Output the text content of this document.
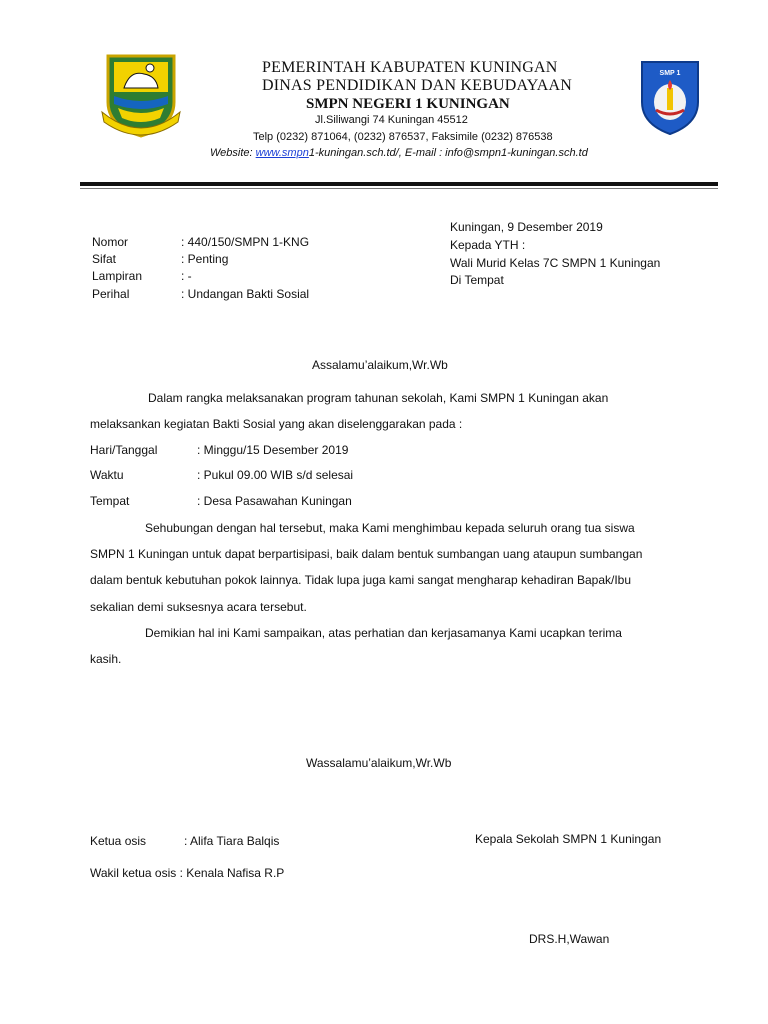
SMP 1
PEMERINTAH KABUPATEN KUNINGAN
DINAS PENDIDIKAN DAN KEBUDAYAAN
SMPN NEGERI 1 KUNINGAN
Jl.Siliwangi 74 Kuningan 45512
Telp (0232) 871064, (0232) 876537, Faksimile (0232) 876538
Website: www.smpn1-kuningan.sch.td/, E-mail : info@smpn1-kuningan.sch.td
Nomor	: 440/150/SMPN 1-KNG
Sifat	: Penting
Lampiran	: -
Perihal	: Undangan Bakti Sosial
Kuningan, 9 Desember 2019
Kepada YTH :
Wali Murid Kelas 7C SMPN 1 Kuningan
Di Tempat
Assalamu’alaikum,Wr.Wb
Dalam rangka melaksanakan program tahunan sekolah, Kami SMPN 1 Kuningan akan
melaksankan kegiatan Bakti Sosial yang akan diselenggarakan pada :
Hari/Tanggal	: Minggu/15 Desember 2019
Waktu	: Pukul 09.00 WIB s/d selesai
Tempat	: Desa Pasawahan Kuningan
Sehubungan dengan hal tersebut, maka Kami menghimbau kepada seluruh orang tua siswa
SMPN 1 Kuningan untuk dapat berpartisipasi, baik dalam bentuk sumbangan uang ataupun sumbangan
dalam bentuk kebutuhan pokok lainnya. Tidak lupa juga kami sangat mengharap kehadiran Bapak/Ibu
sekalian demi suksesnya acara tersebut.
Demikian hal ini Kami sampaikan, atas perhatian dan kerjasamanya Kami ucapkan terima
kasih.
Wassalamu’alaikum,Wr.Wb
Ketua osis	: Alifa Tiara Balqis
Wakil ketua osis : Kenala Nafisa R.P
Kepala Sekolah SMPN 1 Kuningan
DRS.H,Wawan
